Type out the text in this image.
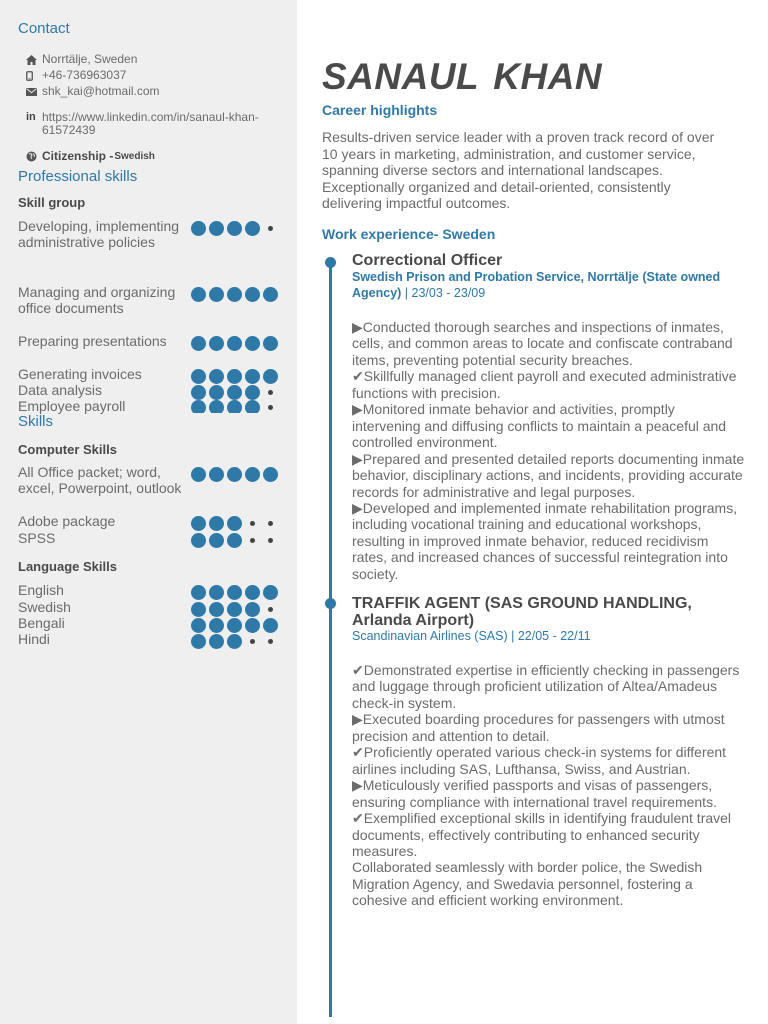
Contact
Norrtälje, Sweden
+46-736963037
shk_kai@hotmail.com
in https://www.linkedin.com/in/sanaul-khan-61572439
Citizenship - Swedish
Professional skills
Skill group
Developing, implementing administrative policies
Managing and organizing office documents
Preparing presentations
Generating invoices
Data analysis
Employee payroll
Skills
Computer Skills
All Office packet; word, excel, Powerpoint, outlook
Adobe package
SPSS
Language Skills
English
Swedish
Bengali
Hindi
SANAUL KHAN
Career highlights

Results-driven service leader with a proven track record of over 10 years in marketing, administration, and customer service, spanning diverse sectors and international landscapes. Exceptionally organized and detail-oriented, consistently delivering impactful outcomes.

Work experience- Sweden
Correctional Officer
Swedish Prison and Probation Service, Norrtälje (State owned Agency) | 23/03 - 23/09
▶Conducted thorough searches and inspections of inmates, cells, and common areas to locate and confiscate contraband items, preventing potential security breaches.
✔Skillfully managed client payroll and executed administrative functions with precision.
▶Monitored inmate behavior and activities, promptly intervening and diffusing conflicts to maintain a peaceful and controlled environment.
▶Prepared and presented detailed reports documenting inmate behavior, disciplinary actions, and incidents, providing accurate records for administrative and legal purposes.
▶Developed and implemented inmate rehabilitation programs, including vocational training and educational workshops, resulting in improved inmate behavior, reduced recidivism rates, and increased chances of successful reintegration into society.
TRAFFIK AGENT (SAS GROUND HANDLING, Arlanda Airport)
Scandinavian Airlines (SAS) | 22/05 - 22/11
✔Demonstrated expertise in efficiently checking in passengers and luggage through proficient utilization of Altea/Amadeus check-in system.
▶Executed boarding procedures for passengers with utmost precision and attention to detail.
✔Proficiently operated various check-in systems for different airlines including SAS, Lufthansa, Swiss, and Austrian.
▶Meticulously verified passports and visas of passengers, ensuring compliance with international travel requirements.
✔Exemplified exceptional skills in identifying fraudulent travel documents, effectively contributing to enhanced security measures.
Collaborated seamlessly with border police, the Swedish Migration Agency, and Swedavia personnel, fostering a cohesive and efficient working environment.
